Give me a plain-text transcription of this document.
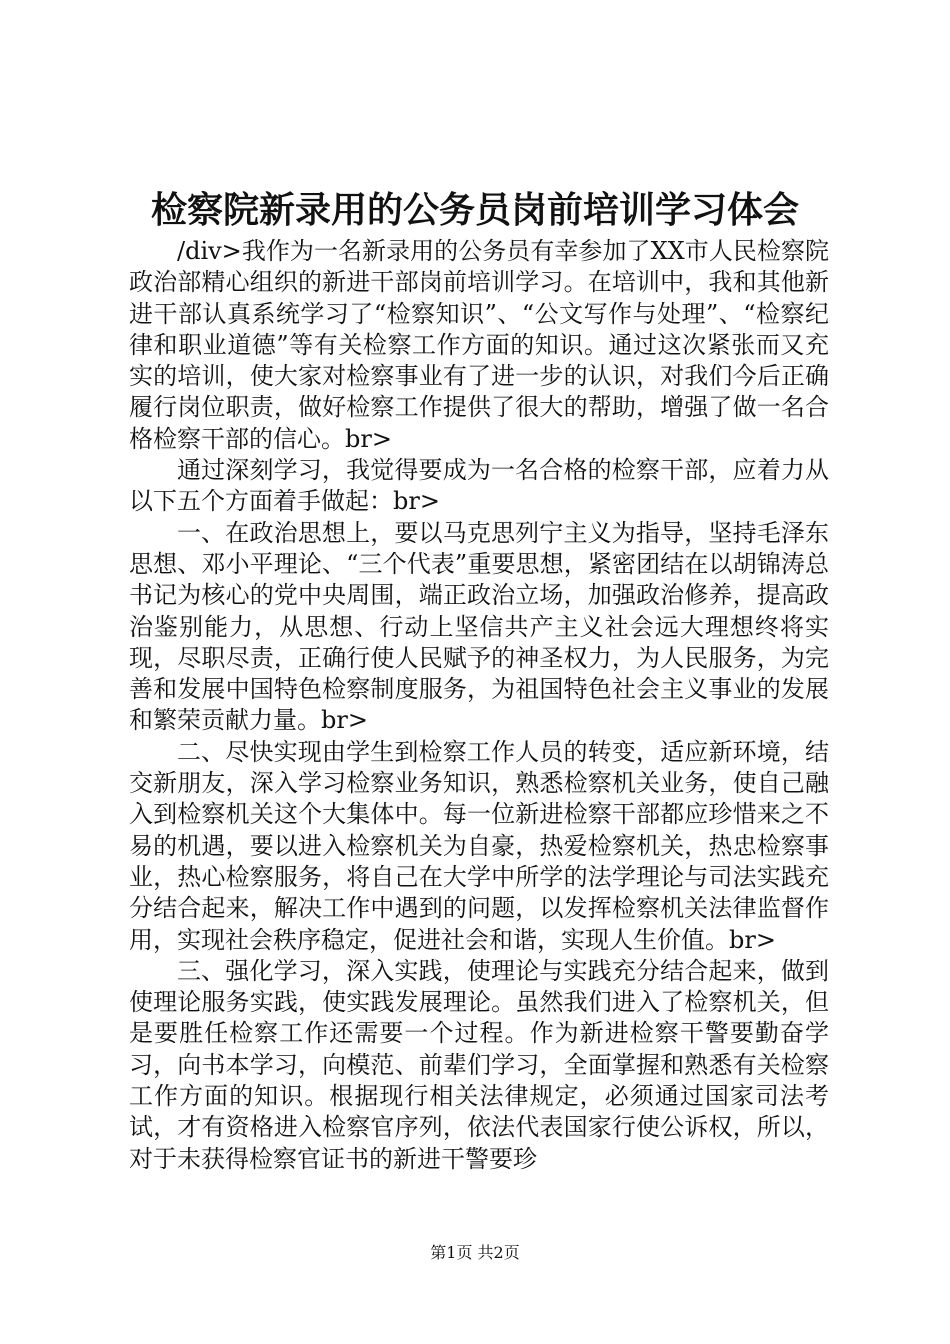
检察院新录用的公务员岗前培训学习体会

/div>我作为一名新录用的公务员有幸参加了XX市人民检察院政治部精心组织的新进干部岗前培训学习。在培训中，我和其他新进干部认真系统学习了“检察知识”、“公文写作与处理”、“检察纪律和职业道德”等有关检察工作方面的知识。通过这次紧张而又充实的培训，使大家对检察事业有了进一步的认识，对我们今后正确履行岗位职责，做好检察工作提供了很大的帮助，增强了做一名合格检察干部的信心。br>

通过深刻学习，我觉得要成为一名合格的检察干部，应着力从以下五个方面着手做起：br>

一、在政治思想上，要以马克思列宁主义为指导，坚持毛泽东思想、邓小平理论、“三个代表”重要思想，紧密团结在以胡锦涛总书记为核心的党中央周围，端正政治立场，加强政治修养，提高政治鉴别能力，从思想、行动上坚信共产主义社会远大理想终将实现，尽职尽责，正确行使人民赋予的神圣权力，为人民服务，为完善和发展中国特色检察制度服务，为祖国特色社会主义事业的发展和繁荣贡献力量。br>

二、尽快实现由学生到检察工作人员的转变，适应新环境，结交新朋友，深入学习检察业务知识，熟悉检察机关业务，使自己融入到检察机关这个大集体中。每一位新进检察干部都应珍惜来之不易的机遇，要以进入检察机关为自豪，热爱检察机关，热忠检察事业，热心检察服务，将自己在大学中所学的法学理论与司法实践充分结合起来，解决工作中遇到的问题，以发挥检察机关法律监督作用，实现社会秩序稳定，促进社会和谐，实现人生价值。br>

三、强化学习，深入实践，使理论与实践充分结合起来，做到使理论服务实践，使实践发展理论。虽然我们进入了检察机关，但是要胜任检察工作还需要一个过程。作为新进检察干警要勤奋学习，向书本学习，向模范、前辈们学习，全面掌握和熟悉有关检察工作方面的知识。根据现行相关法律规定，必须通过国家司法考试，才有资格进入检察官序列，依法代表国家行使公诉权，所以，对于未获得检察官证书的新进干警要珍

第1页 共2页
